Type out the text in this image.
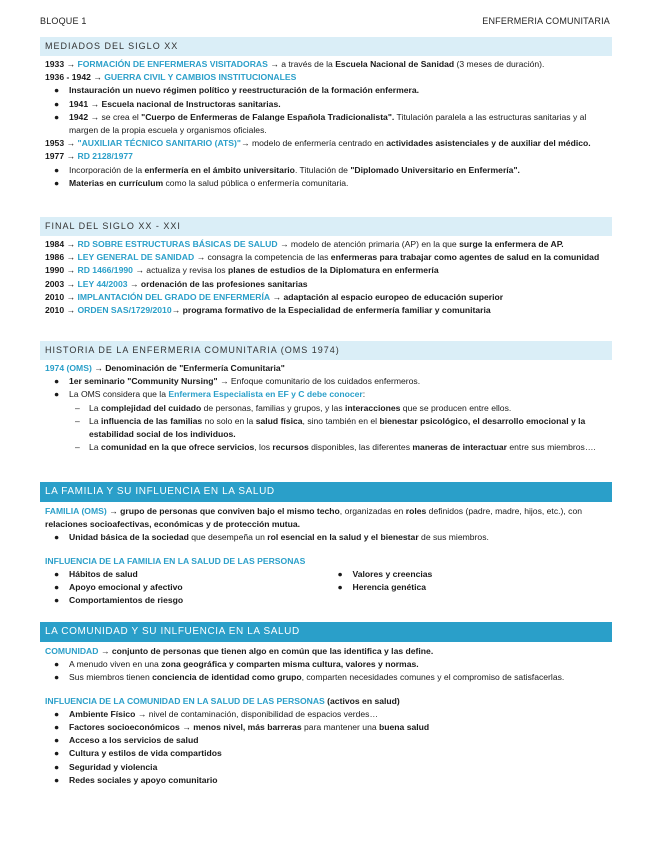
BLOQUE 1	ENFERMERIA COMUNITARIA
MEDIADOS DEL SIGLO XX

1933 → FORMACIÓN DE ENFERMERAS VISITADORAS → a través de la Escuela Nacional de Sanidad (3 meses de duración).

1936 - 1942 → GUERRA CIVIL Y CAMBIOS INSTITUCIONALES

● Instauración un nuevo régimen político y reestructuración de la formación enfermera.
● 1941 → Escuela nacional de Instructoras sanitarias.
● 1942 → se crea el "Cuerpo de Enfermeras de Falange Española Tradicionalista". Titulación paralela a las estructuras sanitarias y al margen de la propia escuela y organismos oficiales.

1953 → "AUXILIAR TÉCNICO SANITARIO (ATS)"→ modelo de enfermería centrado en actividades asistenciales y de auxiliar del médico.

1977 → RD 2128/1977

● Incorporación de la enfermería en el ámbito universitario. Titulación de "Diplomado Universitario en Enfermería".
● Materias en currículum como la salud pública o enfermería comunitaria.
FINAL DEL SIGLO XX - XXI

1984 → RD SOBRE ESTRUCTURAS BÁSICAS DE SALUD → modelo de atención primaria (AP) en la que surge la enfermera de AP.

1986 → LEY GENERAL DE SANIDAD → consagra la competencia de las enfermeras para trabajar como agentes de salud en la comunidad

1990 → RD 1466/1990 → actualiza y revisa los planes de estudios de la Diplomatura en enfermería

2003 → LEY 44/2003 → ordenación de las profesiones sanitarias

2010 → IMPLANTACIÓN DEL GRADO DE ENFERMERÍA → adaptación al espacio europeo de educación superior

2010 → ORDEN SAS/1729/2010→ programa formativo de la Especialidad de enfermería familiar y comunitaria

HISTORIA DE LA ENFERMERIA COMUNITARIA (OMS 1974)

1974 (OMS) → Denominación de "Enfermería Comunitaria"

● 1er seminario "Community Nursing" → Enfoque comunitario de los cuidados enfermeros.
● La OMS considera que la Enfermera Especialista en EF y C debe conocer:
– La complejidad del cuidado de personas, familias y grupos, y las interacciones que se producen entre ellos.
– La influencia de las familias no solo en la salud física, sino también en el bienestar psicológico, el desarrollo emocional y la estabilidad social de los individuos.
– La comunidad en la que ofrece servicios, los recursos disponibles, las diferentes maneras de interactuar entre sus miembros….
LA FAMILIA Y SU INFLUENCIA EN LA SALUD

FAMILIA (OMS) → grupo de personas que conviven bajo el mismo techo, organizadas en roles definidos (padre, madre, hijos, etc.), con relaciones socioafectivas, económicas y de protección mutua.

● Unidad básica de la sociedad que desempeña un rol esencial en la salud y el bienestar de sus miembros.

INFLUENCIA DE LA FAMILIA EN LA SALUD DE LAS PERSONAS

● Hábitos de salud
● Apoyo emocional y afectivo
● Comportamientos de riesgo
● Valores y creencias
● Herencia genética
LA COMUNIDAD Y SU INLFUENCIA EN LA SALUD

COMUNIDAD → conjunto de personas que tienen algo en común que las identifica y las define.

● A menudo viven en una zona geográfica y comparten misma cultura, valores y normas.
● Sus miembros tienen conciencia de identidad como grupo, comparten necesidades comunes y el compromiso de satisfacerlas.

INFLUENCIA DE LA COMUNIDAD EN LA SALUD DE LAS PERSONAS (activos en salud)

● Ambiente Físico → nivel de contaminación, disponibilidad de espacios verdes…
● Factores socioeconómicos → menos nivel, más barreras para mantener una buena salud
● Acceso a los servicios de salud
● Cultura y estilos de vida compartidos
● Seguridad y violencia
● Redes sociales y apoyo comunitario
